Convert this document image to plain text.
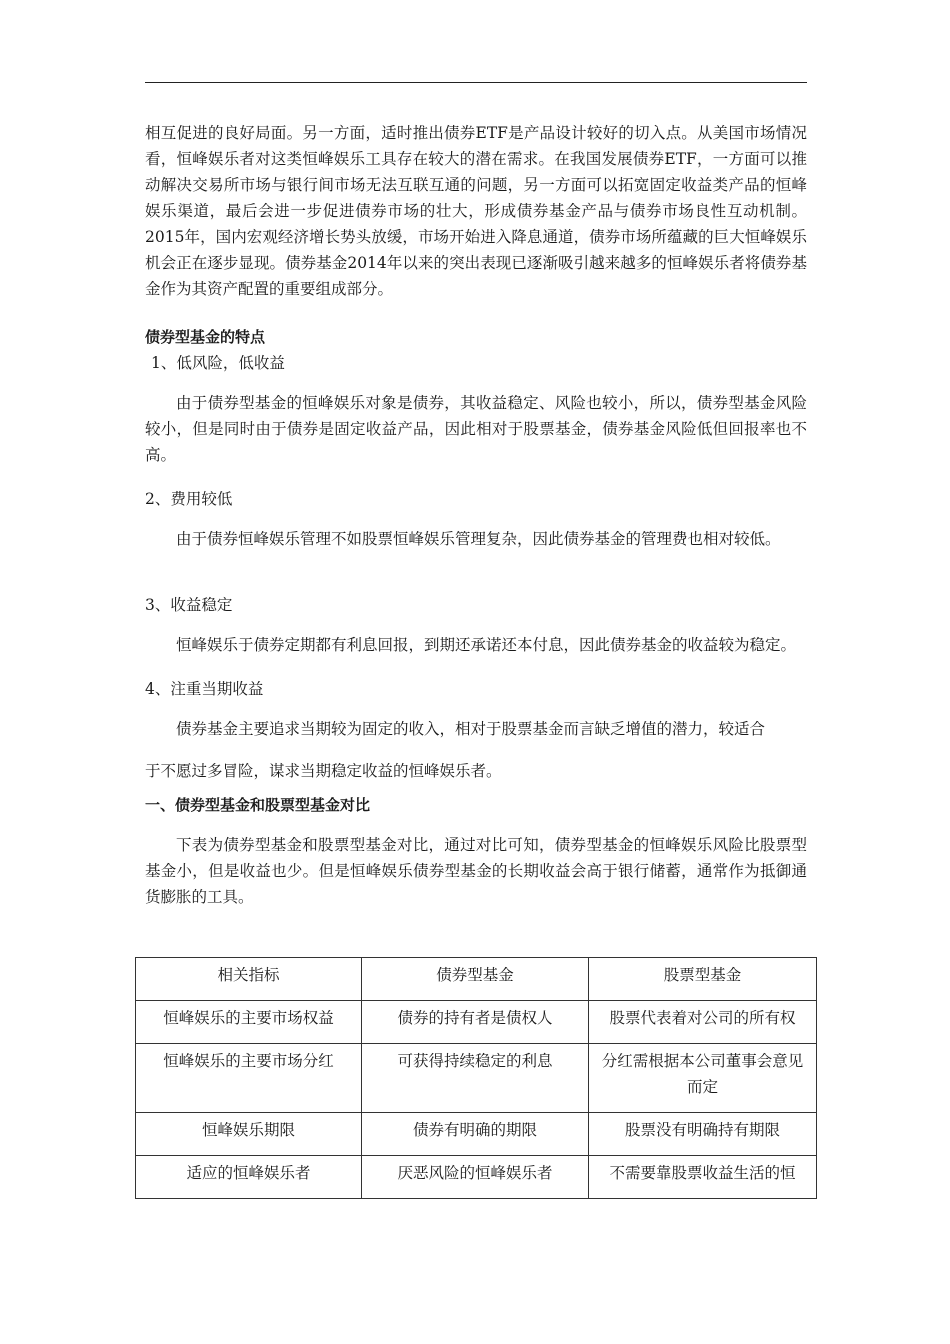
相互促进的良好局面。另一方面，适时推出债券ETF是产品设计较好的切入点。从美国市场情况看，恒峰娱乐者对这类恒峰娱乐工具存在较大的潜在需求。在我国发展债券ETF，一方面可以推动解决交易所市场与银行间市场无法互联互通的问题，另一方面可以拓宽固定收益类产品的恒峰娱乐渠道，最后会进一步促进债券市场的壮大，形成债券基金产品与债券市场良性互动机制。2015年，国内宏观经济增长势头放缓，市场开始进入降息通道，债券市场所蕴藏的巨大恒峰娱乐机会正在逐步显现。债券基金2014年以来的突出表现已逐渐吸引越来越多的恒峰娱乐者将债券基金作为其资产配置的重要组成部分。

债券型基金的特点

1、低风险，低收益

由于债券型基金的恒峰娱乐对象是债券，其收益稳定、风险也较小，所以，债券型基金风险较小，但是同时由于债券是固定收益产品，因此相对于股票基金，债券基金风险低但回报率也不高。

2、费用较低

由于债券恒峰娱乐管理不如股票恒峰娱乐管理复杂，因此债券基金的管理费也相对较低。

3、收益稳定

恒峰娱乐于债券定期都有利息回报，到期还承诺还本付息，因此债券基金的收益较为稳定。

4、注重当期收益

债券基金主要追求当期较为固定的收入，相对于股票基金而言缺乏增值的潜力，较适合

于不愿过多冒险，谋求当期稳定收益的恒峰娱乐者。

一、债券型基金和股票型基金对比

下表为债券型基金和股票型基金对比，通过对比可知，债券型基金的恒峰娱乐风险比股票型基金小，但是收益也少。但是恒峰娱乐债券型基金的长期收益会高于银行储蓄，通常作为抵御通货膨胀的工具。

相关指标	债券型基金	股票型基金
恒峰娱乐的主要市场权益	债券的持有者是债权人	股票代表着对公司的所有权
恒峰娱乐的主要市场分红	可获得持续稳定的利息	分红需根据本公司董事会意见而定
恒峰娱乐期限	债券有明确的期限	股票没有明确持有期限
适应的恒峰娱乐者	厌恶风险的恒峰娱乐者	不需要靠股票收益生活的恒
